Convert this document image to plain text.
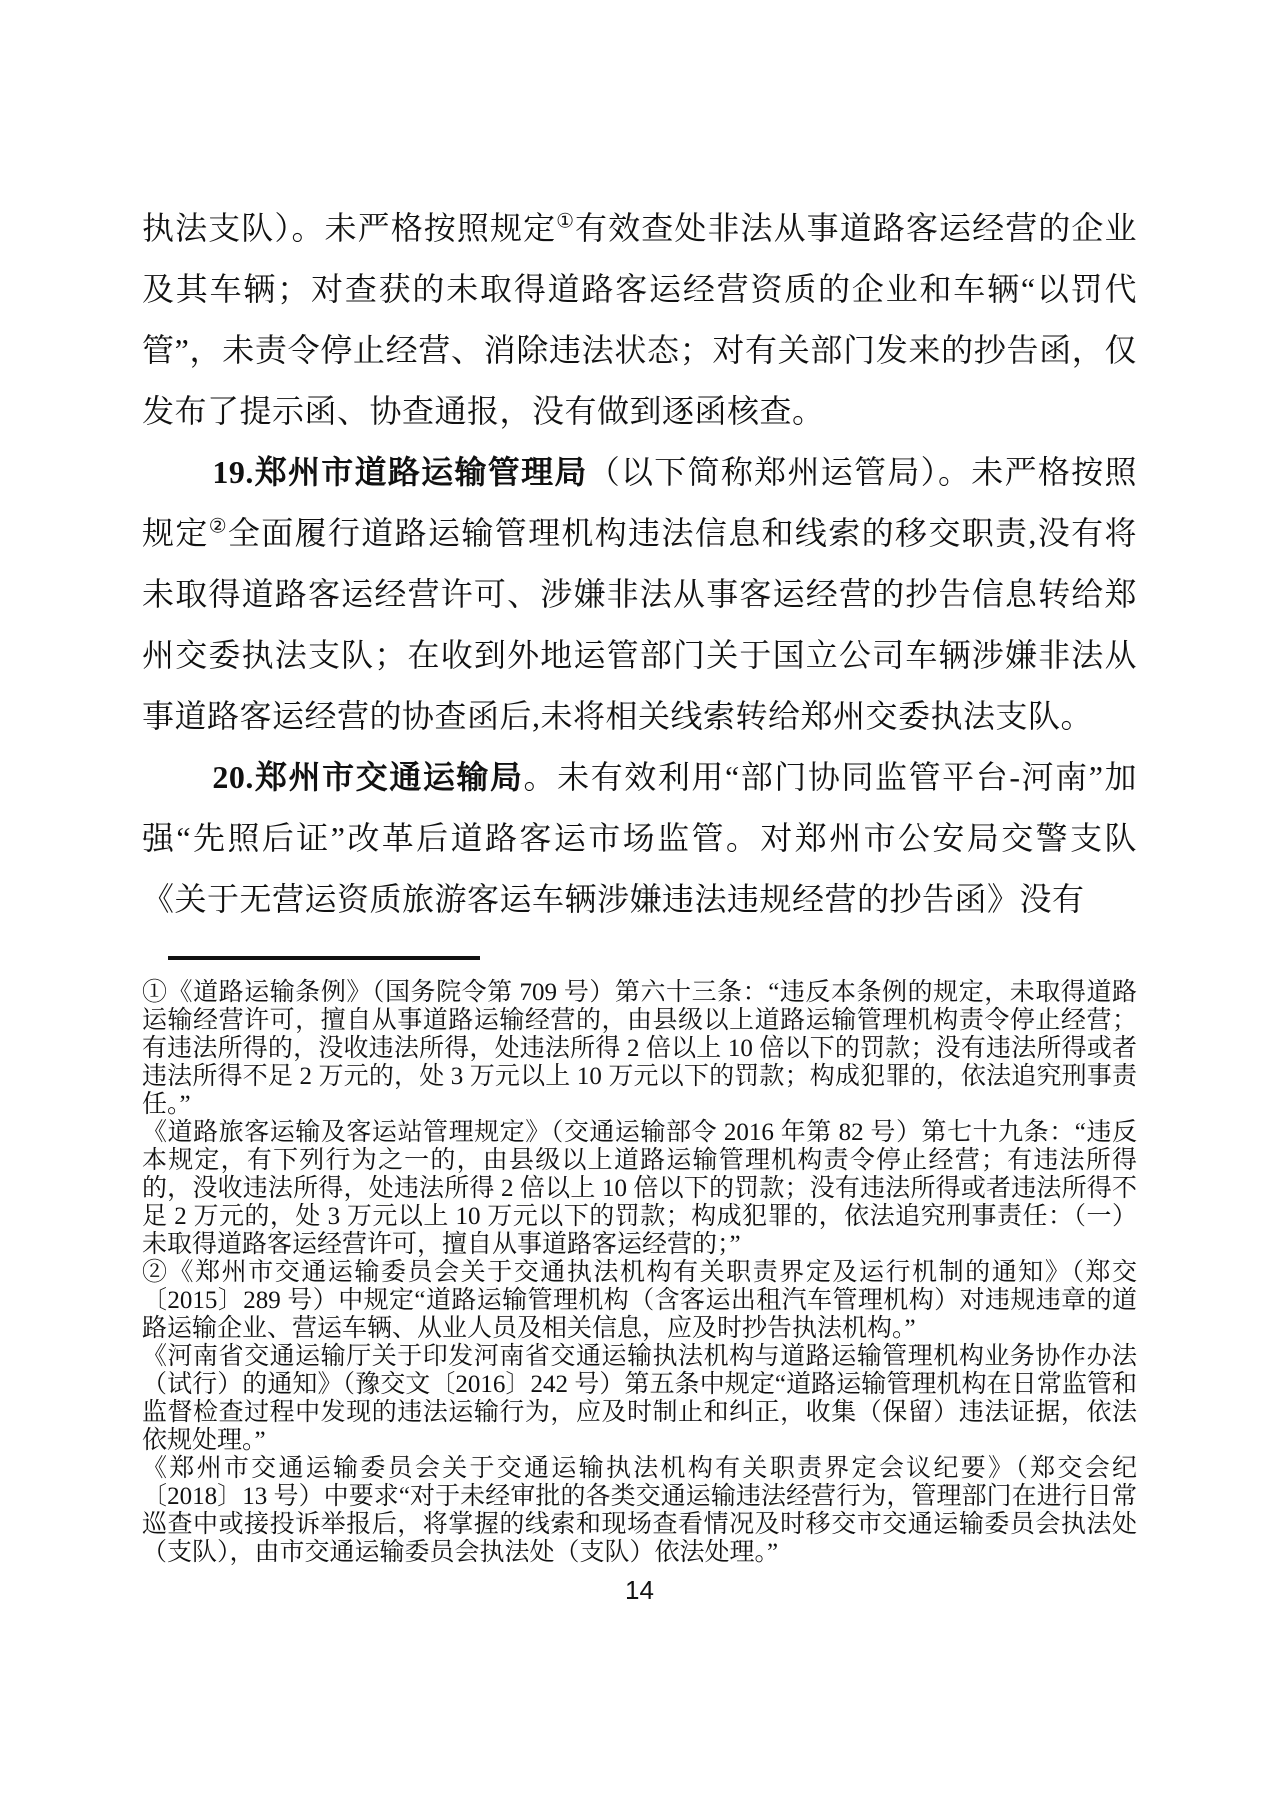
执法支队）。未严格按照规定①有效查处非法从事道路客运经营的企业及其车辆；对查获的未取得道路客运经营资质的企业和车辆“以罚代管”，未责令停止经营、消除违法状态；对有关部门发来的抄告函，仅发布了提示函、协查通报，没有做到逐函核查。

19.郑州市道路运输管理局（以下简称郑州运管局）。未严格按照规定②全面履行道路运输管理机构违法信息和线索的移交职责,没有将未取得道路客运经营许可、涉嫌非法从事客运经营的抄告信息转给郑州交委执法支队；在收到外地运管部门关于国立公司车辆涉嫌非法从事道路客运经营的协查函后,未将相关线索转给郑州交委执法支队。

20.郑州市交通运输局。未有效利用“部门协同监管平台-河南”加强“先照后证”改革后道路客运市场监管。对郑州市公安局交警支队《关于无营运资质旅游客运车辆涉嫌违法违规经营的抄告函》没有

①《道路运输条例》（国务院令第 709 号）第六十三条：“违反本条例的规定，未取得道路运输经营许可，擅自从事道路运输经营的，由县级以上道路运输管理机构责令停止经营；有违法所得的，没收违法所得，处违法所得 2 倍以上 10 倍以下的罚款；没有违法所得或者违法所得不足 2 万元的，处 3 万元以上 10 万元以下的罚款；构成犯罪的，依法追究刑事责任。”

《道路旅客运输及客运站管理规定》（交通运输部令 2016 年第 82 号）第七十九条：“违反本规定，有下列行为之一的，由县级以上道路运输管理机构责令停止经营；有违法所得的，没收违法所得，处违法所得 2 倍以上 10 倍以下的罚款；没有违法所得或者违法所得不足 2 万元的，处 3 万元以上 10 万元以下的罚款；构成犯罪的，依法追究刑事责任：（一）未取得道路客运经营许可，擅自从事道路客运经营的；”

②《郑州市交通运输委员会关于交通执法机构有关职责界定及运行机制的通知》（郑交〔2015〕289 号）中规定“道路运输管理机构（含客运出租汽车管理机构）对违规违章的道路运输企业、营运车辆、从业人员及相关信息，应及时抄告执法机构。”

《河南省交通运输厅关于印发河南省交通运输执法机构与道路运输管理机构业务协作办法（试行）的通知》（豫交文〔2016〕242 号）第五条中规定“道路运输管理机构在日常监管和监督检查过程中发现的违法运输行为，应及时制止和纠正，收集（保留）违法证据，依法依规处理。”

《郑州市交通运输委员会关于交通运输执法机构有关职责界定会议纪要》（郑交会纪〔2018〕13 号）中要求“对于未经审批的各类交通运输违法经营行为，管理部门在进行日常巡查中或接投诉举报后，将掌握的线索和现场查看情况及时移交市交通运输委员会执法处（支队），由市交通运输委员会执法处（支队）依法处理。”

14
